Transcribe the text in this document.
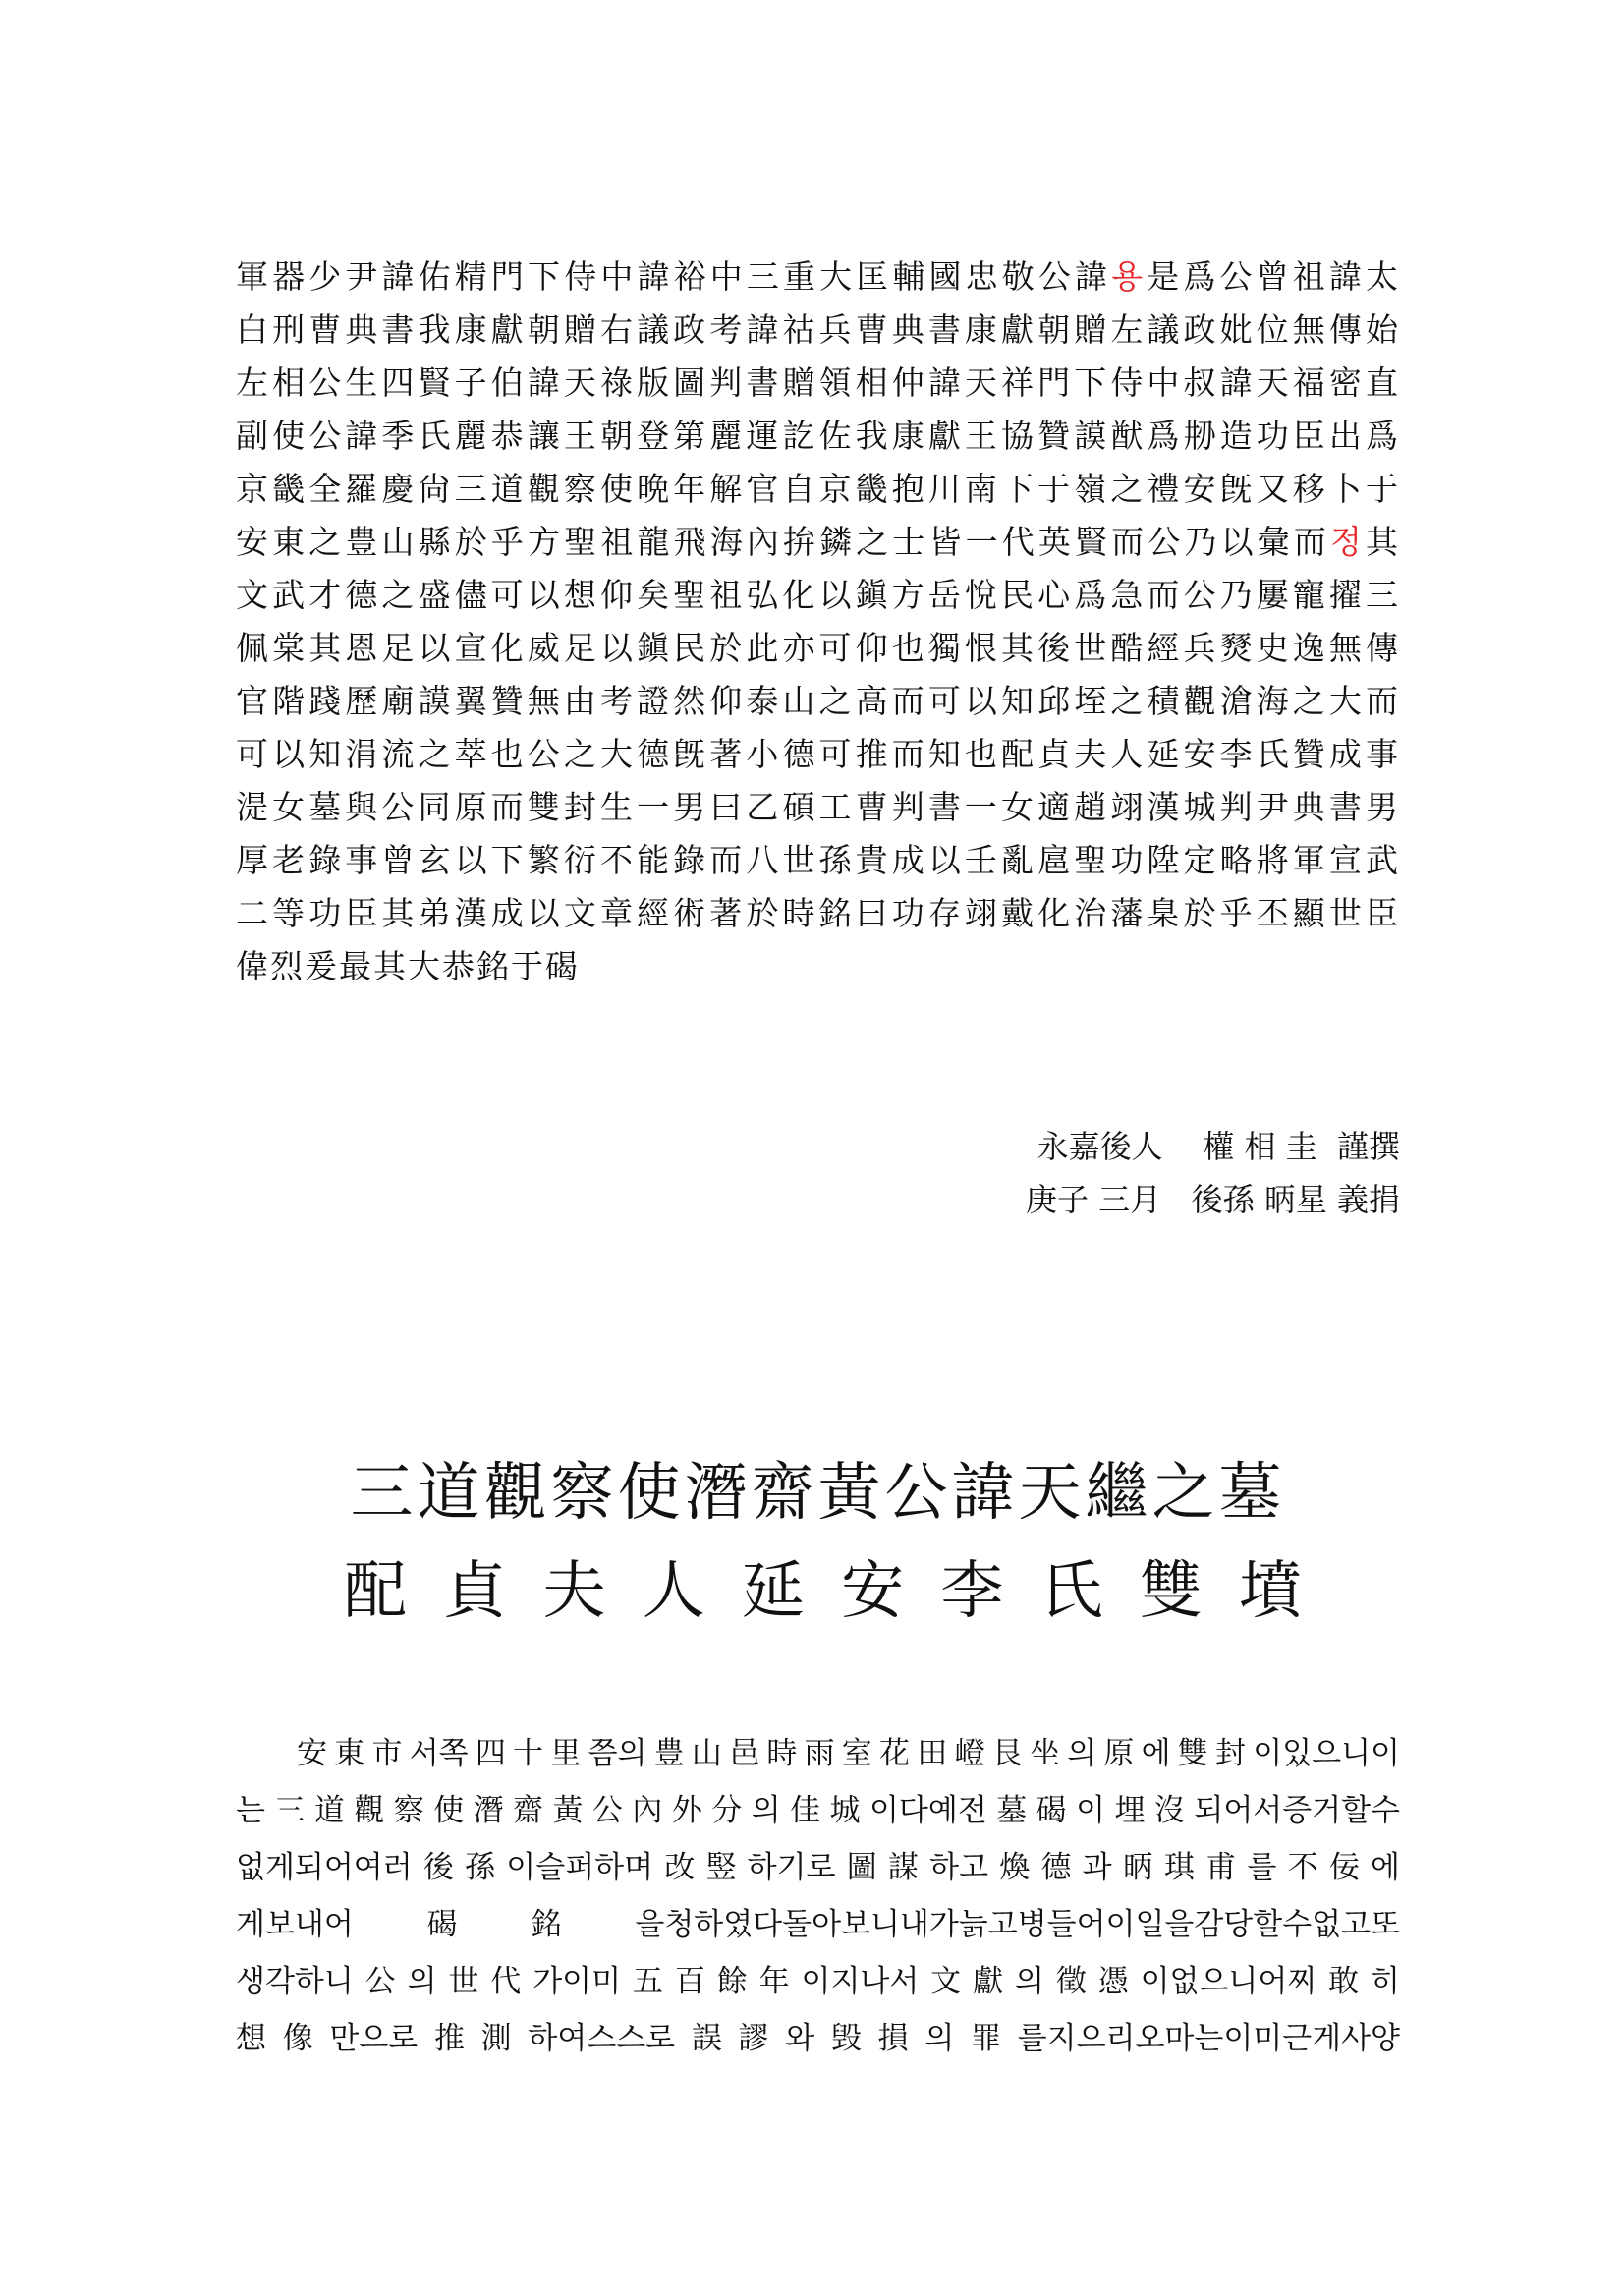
軍器少尹諱佑精門下侍中諱裕中三重大匡輔國忠敬公諱용是爲公曾祖諱太
白刑曹典書我康獻朝贈右議政考諱祜兵曹典書康獻朝贈左議政妣位無傳始
左相公生四賢子伯諱天祿版圖判書贈領相仲諱天祥門下侍中叔諱天福密直
副使公諱季氏麗恭讓王朝登第麗運訖佐我康獻王協贊謨猷爲刱造功臣出爲
京畿全羅慶尙三道觀察使晩年解官自京畿抱川南下于嶺之禮安旣又移卜于
安東之豊山縣於乎方聖祖龍飛海內拚鏻之士皆一代英賢而公乃以彙而정其
文武才德之盛儘可以想仰矣聖祖弘化以鎭方岳悅民心爲急而公乃屢寵擢三
佩棠其恩足以宣化威足以鎭民於此亦可仰也獨恨其後世酷經兵燹史逸無傳
官階踐歷廟謨翼贊無由考證然仰泰山之高而可以知邱垤之積觀滄海之大而
可以知涓流之萃也公之大德旣著小德可推而知也配貞夫人延安李氏贊成事
湜女墓與公同原而雙封生一男曰乙碩工曹判書一女適趙翊漢城判尹典書男
厚老錄事曾玄以下繁衍不能錄而八世孫貴成以壬亂扈聖功陞定略將軍宣武
二等功臣其弟漢成以文章經術著於時銘曰功存翊戴化治藩臬於乎丕顯世臣
偉烈爰最其大恭銘于碣
永嘉後人    權 相 圭  謹撰
庚子 三月   後孫 昞星 義捐
三道觀察使潛齋黃公諱天繼之墓
配 貞 夫 人 延 安 李 氏 雙 墳
安東市서쪽四十里쯤의豊山邑時雨室花田嶝艮坐의原에雙封이있으니이
는三道觀察使潛齋黃公內外分의佳城이다예전墓碣이埋沒되어서증거할수
없게되어여러後孫이슬퍼하며改竪하기로圖謀하고煥德과昞琪甫를不佞에
게보내어碣銘을청하였다돌아보니내가늙고병들어이일을감당할수없고또
생각하니公의世代가이미五百餘年이지나서文獻의徵憑이없으니어찌敢히
想像만으로推測하여스스로誤謬와毁損의罪를지으리오마는이미근게사양
